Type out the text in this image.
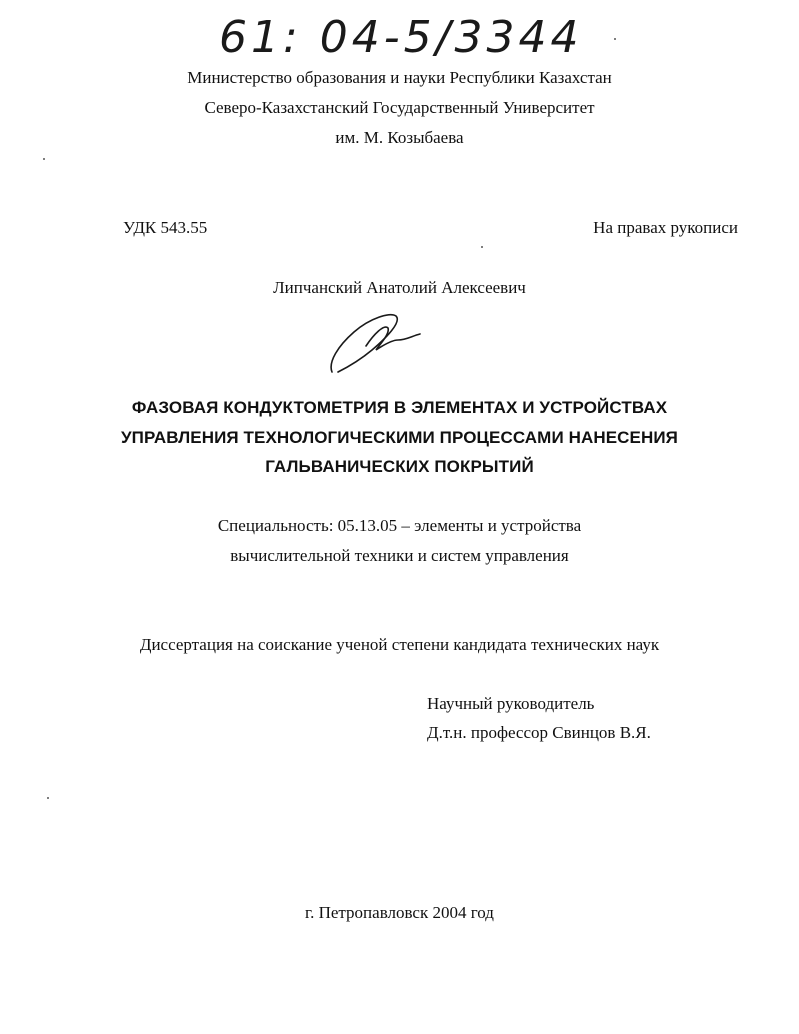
61: 04-5/3344
Министерство образования и науки Республики Казахстан
Северо-Казахстанский Государственный Университет
им. М. Козыбаева
УДК 543.55	На правах рукописи
Липчанский Анатолий Алексеевич
ФАЗОВАЯ КОНДУКТОМЕТРИЯ В ЭЛЕМЕНТАХ И УСТРОЙСТВАХ
УПРАВЛЕНИЯ ТЕХНОЛОГИЧЕСКИМИ ПРОЦЕССАМИ НАНЕСЕНИЯ
ГАЛЬВАНИЧЕСКИХ ПОКРЫТИЙ
Специальность: 05.13.05 – элементы и устройства
вычислительной техники и систем управления
Диссертация на соискание ученой степени кандидата технических наук
Научный руководитель
Д.т.н. профессор Свинцов В.Я.
г. Петропавловск 2004 год
